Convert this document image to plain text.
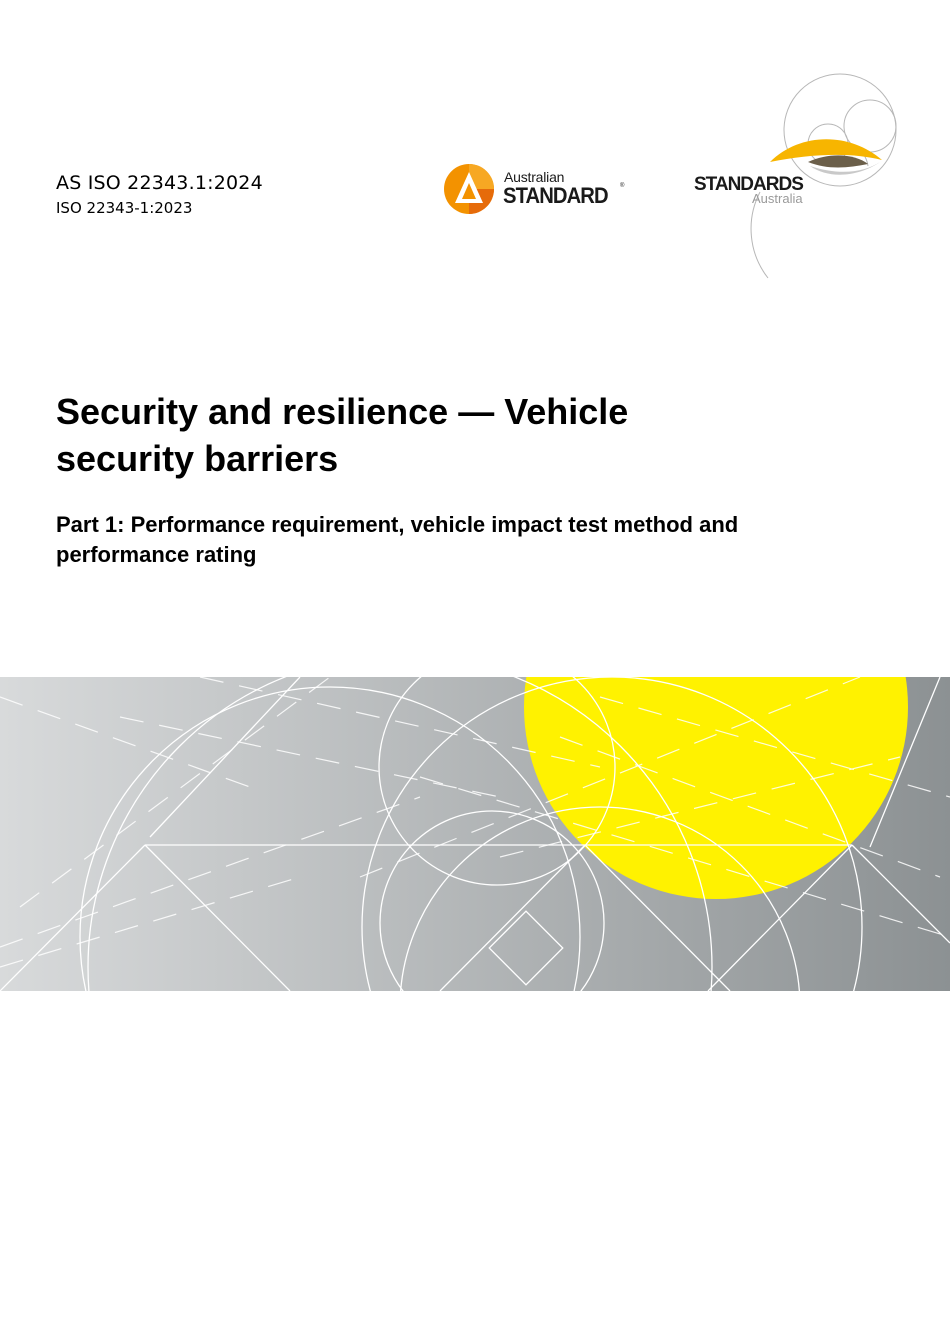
AS ISO 22343.1:2024
ISO 22343-1:2023
Australian
STANDARD ®	STANDARDS
Australia
Security and resilience — Vehicle security barriers
Part 1: Performance requirement, vehicle impact test method and performance rating
